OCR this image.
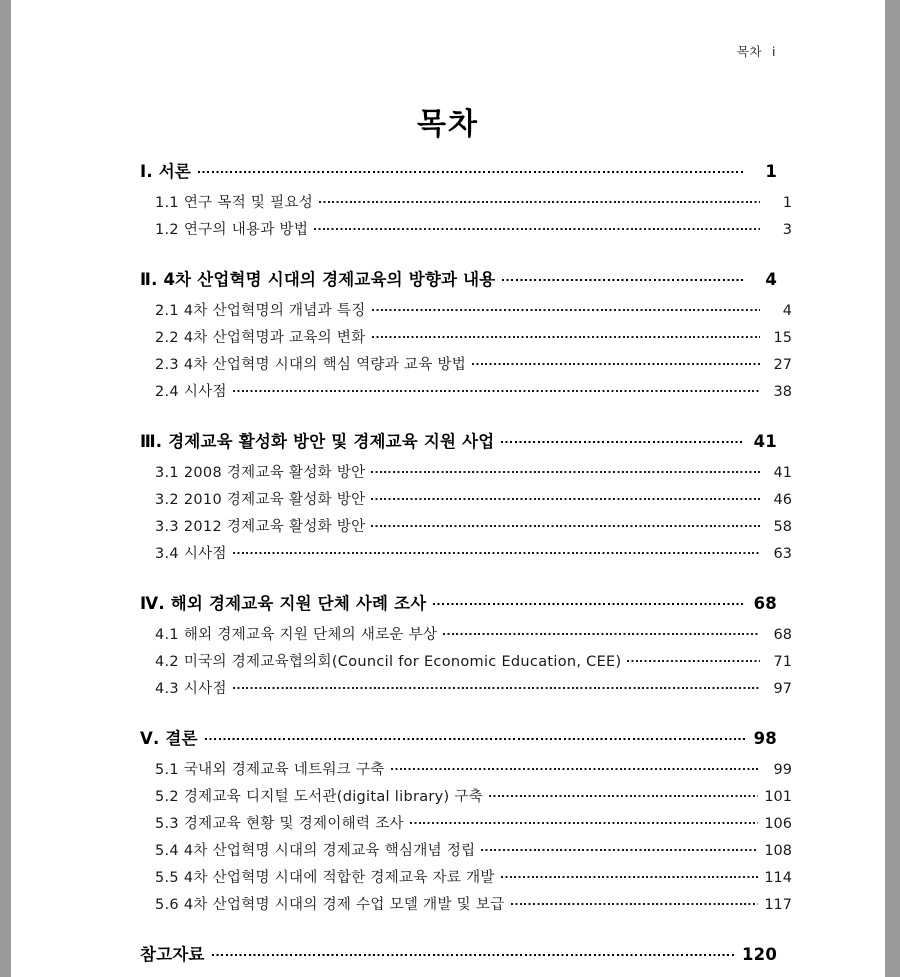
목차 i
목차
Ⅰ. 서론	1
1.1 연구 목적 및 필요성	1
1.2 연구의 내용과 방법	3
Ⅱ. 4차 산업혁명 시대의 경제교육의 방향과 내용	4
2.1 4차 산업혁명의 개념과 특징	4
2.2 4차 산업혁명과 교육의 변화	15
2.3 4차 산업혁명 시대의 핵심 역량과 교육 방법	27
2.4 시사점	38
Ⅲ. 경제교육 활성화 방안 및 경제교육 지원 사업	41
3.1 2008 경제교육 활성화 방안	41
3.2 2010 경제교육 활성화 방안	46
3.3 2012 경제교육 활성화 방안	58
3.4 시사점	63
Ⅳ. 해외 경제교육 지원 단체 사례 조사	68
4.1 해외 경제교육 지원 단체의 새로운 부상	68
4.2 미국의 경제교육협의회(Council for Economic Education, CEE)	71
4.3 시사점	97
Ⅴ. 결론	98
5.1 국내외 경제교육 네트워크 구축	99
5.2 경제교육 디지털 도서관(digital library) 구축	101
5.3 경제교육 현황 및 경제이해력 조사	106
5.4 4차 산업혁명 시대의 경제교육 핵심개념 정립	108
5.5 4차 산업혁명 시대에 적합한 경제교육 자료 개발	114
5.6 4차 산업혁명 시대의 경제 수업 모델 개발 및 보급	117
참고자료	120
